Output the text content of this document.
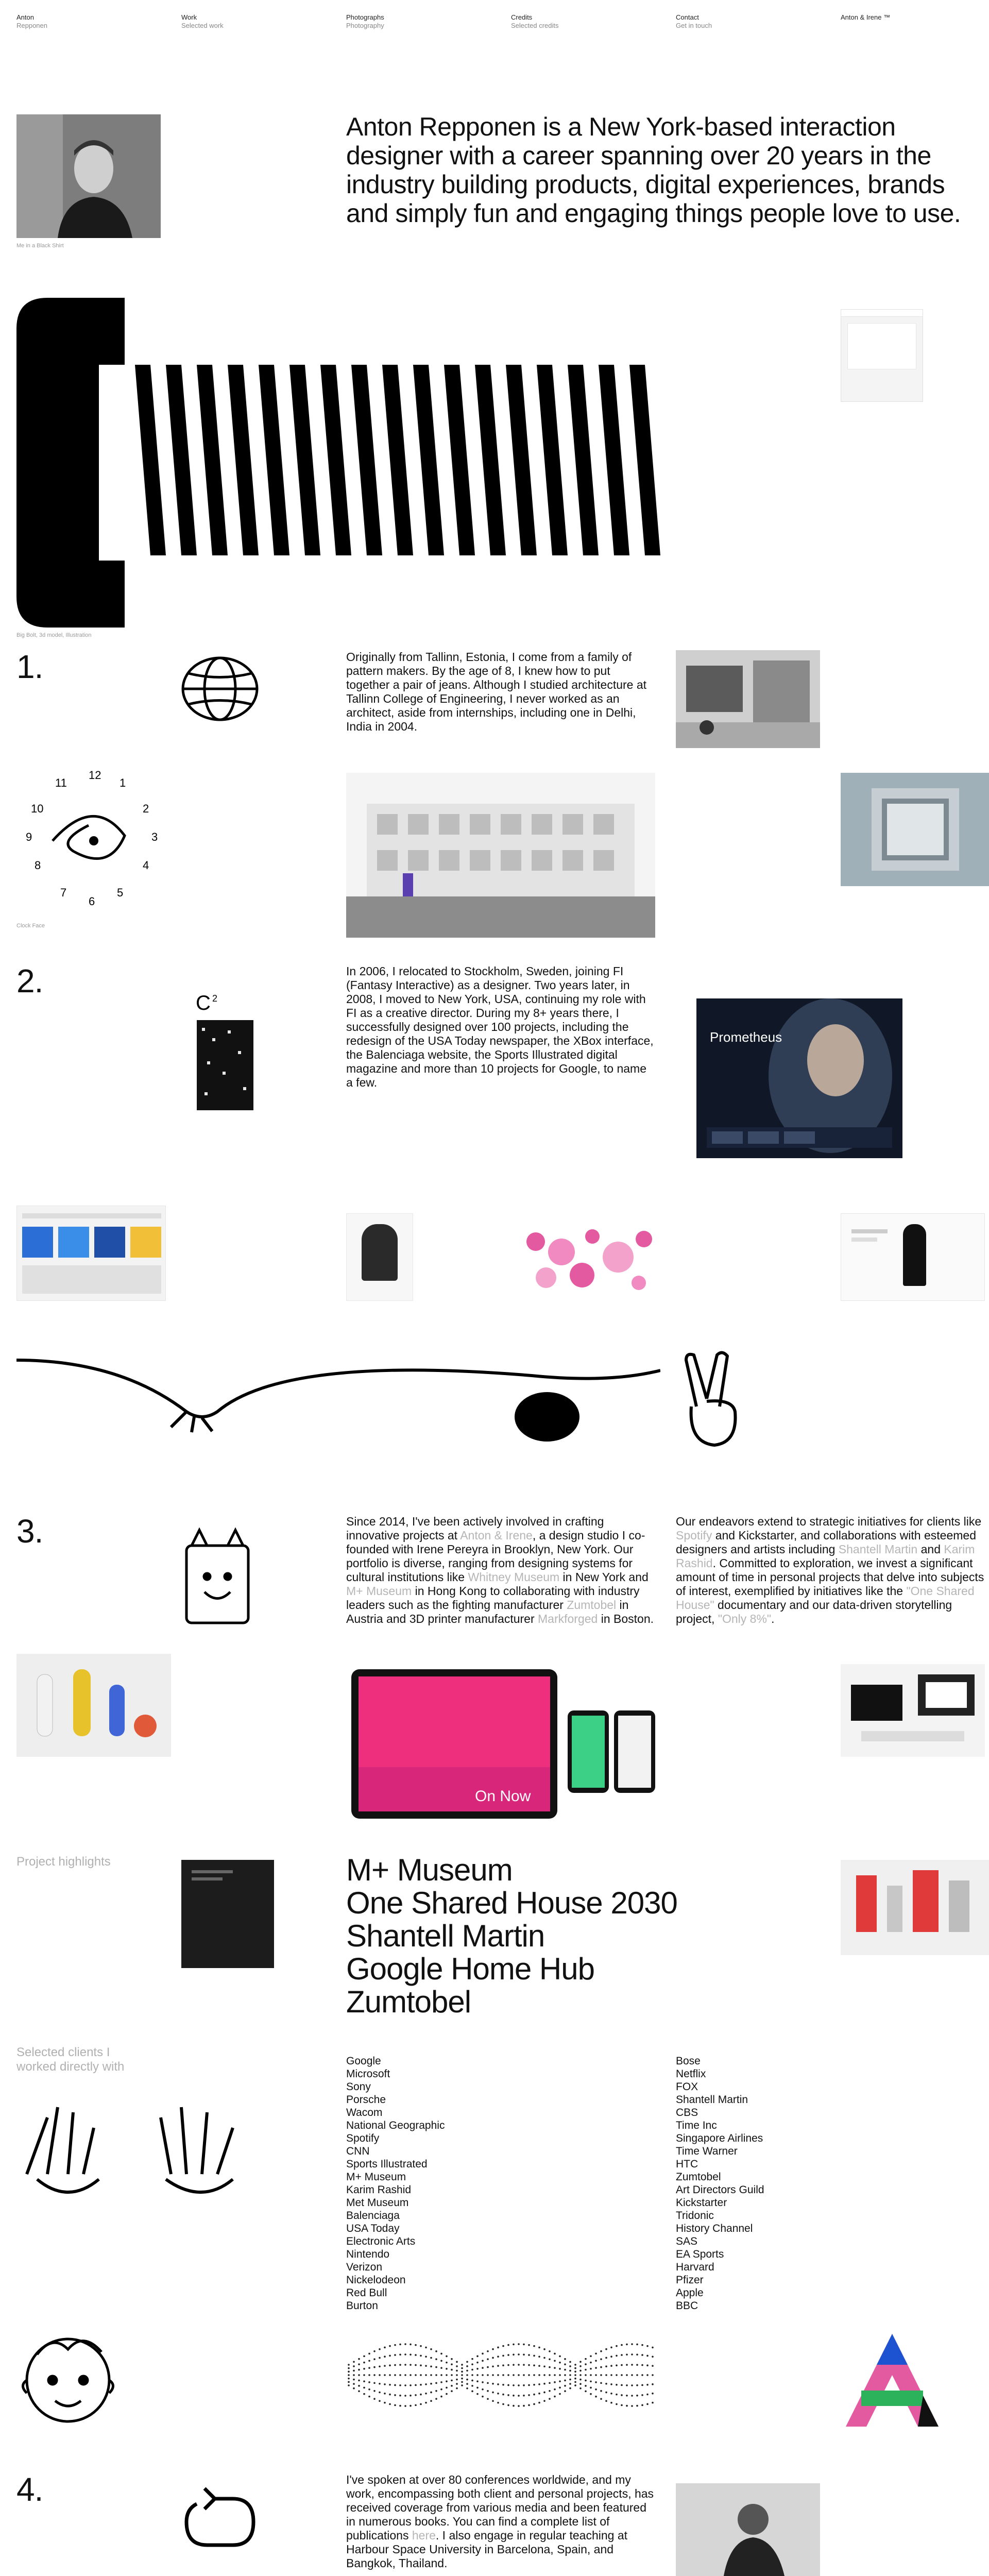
Anton
Repponen
Work
Selected work
Photographs
Photography
Credits
Selected credits
Contact
Get in touch
Anton & Irene ™
Me in a Black Shirt
Anton Repponen is a New York-based interaction designer with a career spanning over 20 years in the industry building products, digital experiences, brands and simply fun and engaging things people love to use.
Big Bolt, 3d model, Illustration
1.	Originally from Tallinn, Estonia, I come from a family of pattern makers. By the age of 8, I knew how to put together a pair of jeans. Although I studied architecture at Tallinn College of Engineering, I never worked as an architect, aside from internships, including one in Delhi, India in 2004.

12
1
2
3
4
5
6
7
8
9
10
11
Clock Face
2.
C 2

In 2006, I relocated to Stockholm, Sweden, joining FI (Fantasy Interactive) as a designer. Two years later, in 2008, I moved to New York, USA, continuing my role with FI as a creative director. During my 8+ years there, I successfully designed over 100 projects, including the redesign of the USA Today newspaper, the XBox interface, the Balenciaga website, the Sports Illustrated digital magazine and more than 10 projects for Google, to name a few.

Prometheus
3.	Since 2014, I've been actively involved in crafting innovative projects at Anton & Irene, a design studio I co-founded with Irene Pereyra in Brooklyn, New York. Our portfolio is diverse, ranging from designing systems for cultural institutions like Whitney Museum in New York and M+ Museum in Hong Kong to collaborating with industry leaders such as the fighting manufacturer Zumtobel in Austria and 3D printer manufacturer Markforged in Boston.

Our endeavors extend to strategic initiatives for clients like Spotify and Kickstarter, and collaborations with esteemed designers and artists including Shantell Martin and Karim Rashid. Committed to exploration, we invest a significant amount of time in personal projects that delve into subjects of interest, exemplified by initiatives like the "One Shared House" documentary and our data-driven storytelling project, "Only 8%".

On Now
Project highlights	M+ Museum
One Shared House 2030
Shantell Martin
Google Home Hub
Zumtobel
Selected clients I
worked directly with	Google
Microsoft
Sony
Porsche
Wacom
National Geographic
Spotify
CNN
Sports Illustrated
M+ Museum
Karim Rashid
Met Museum
Balenciaga
USA Today
Electronic Arts
Nintendo
Verizon
Nickelodeon
Red Bull
Burton
Bose
Netflix
FOX
Shantell Martin
CBS
Time Inc
Singapore Airlines
Time Warner
HTC
Zumtobel
Art Directors Guild
Kickstarter
Tridonic
History Channel
SAS
EA Sports
Harvard
Pfizer
Apple
BBC
4.	I've spoken at over 80 conferences worldwide, and my work, encompassing both client and personal projects, has received coverage from various media and been featured in numerous books. You can find a complete list of publications here. I also engage in regular teaching at Harbour Space University in Barcelona, Spain, and Bangkok, Thailand.
